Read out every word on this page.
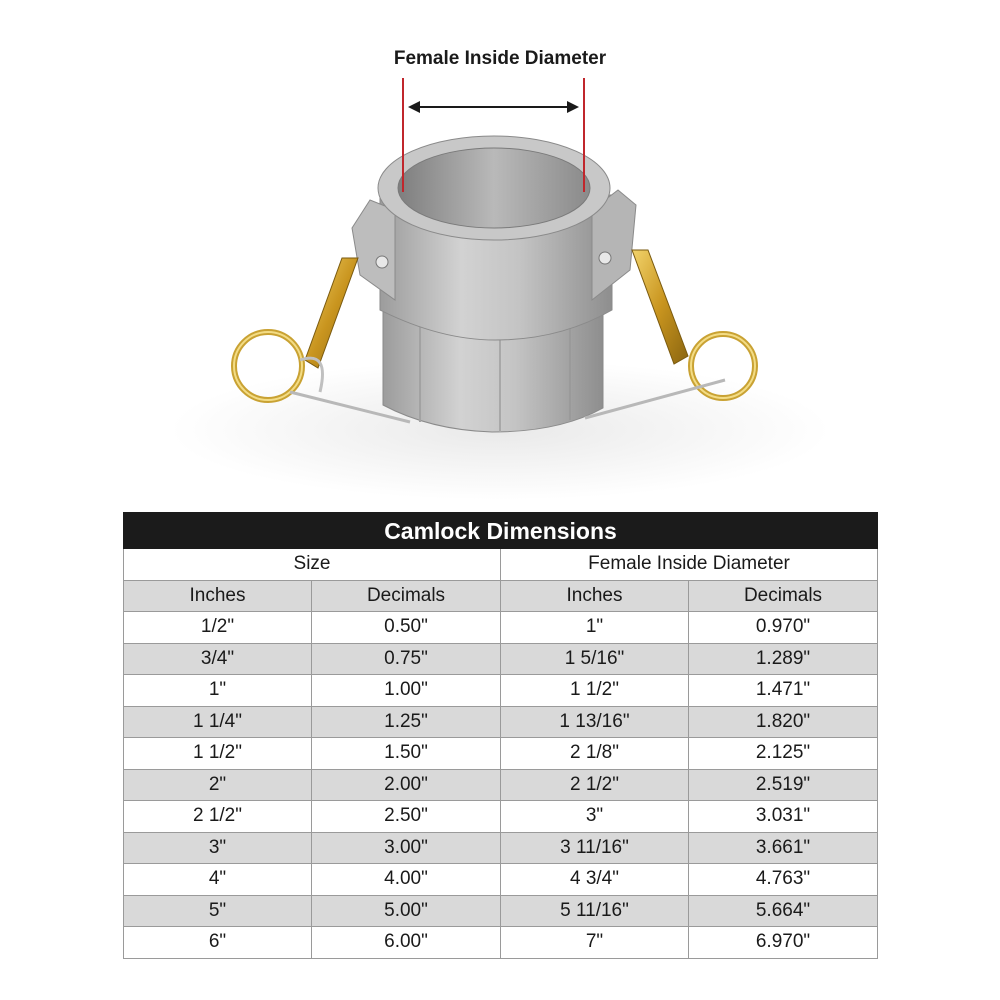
Female Inside Diameter
Camlock Dimensions			
Size		Female Inside Diameter	
Inches	Decimals	Inches	Decimals
1/2"	0.50"	1"	0.970"
3/4"	0.75"	1 5/16"	1.289"
1"	1.00"	1 1/2"	1.471"
1 1/4"	1.25"	1 13/16"	1.820"
1 1/2"	1.50"	2 1/8"	2.125"
2"	2.00"	2 1/2"	2.519"
2 1/2"	2.50"	3"	3.031"
3"	3.00"	3 11/16"	3.661"
4"	4.00"	4 3/4"	4.763"
5"	5.00"	5 11/16"	5.664"
6"	6.00"	7"	6.970"
